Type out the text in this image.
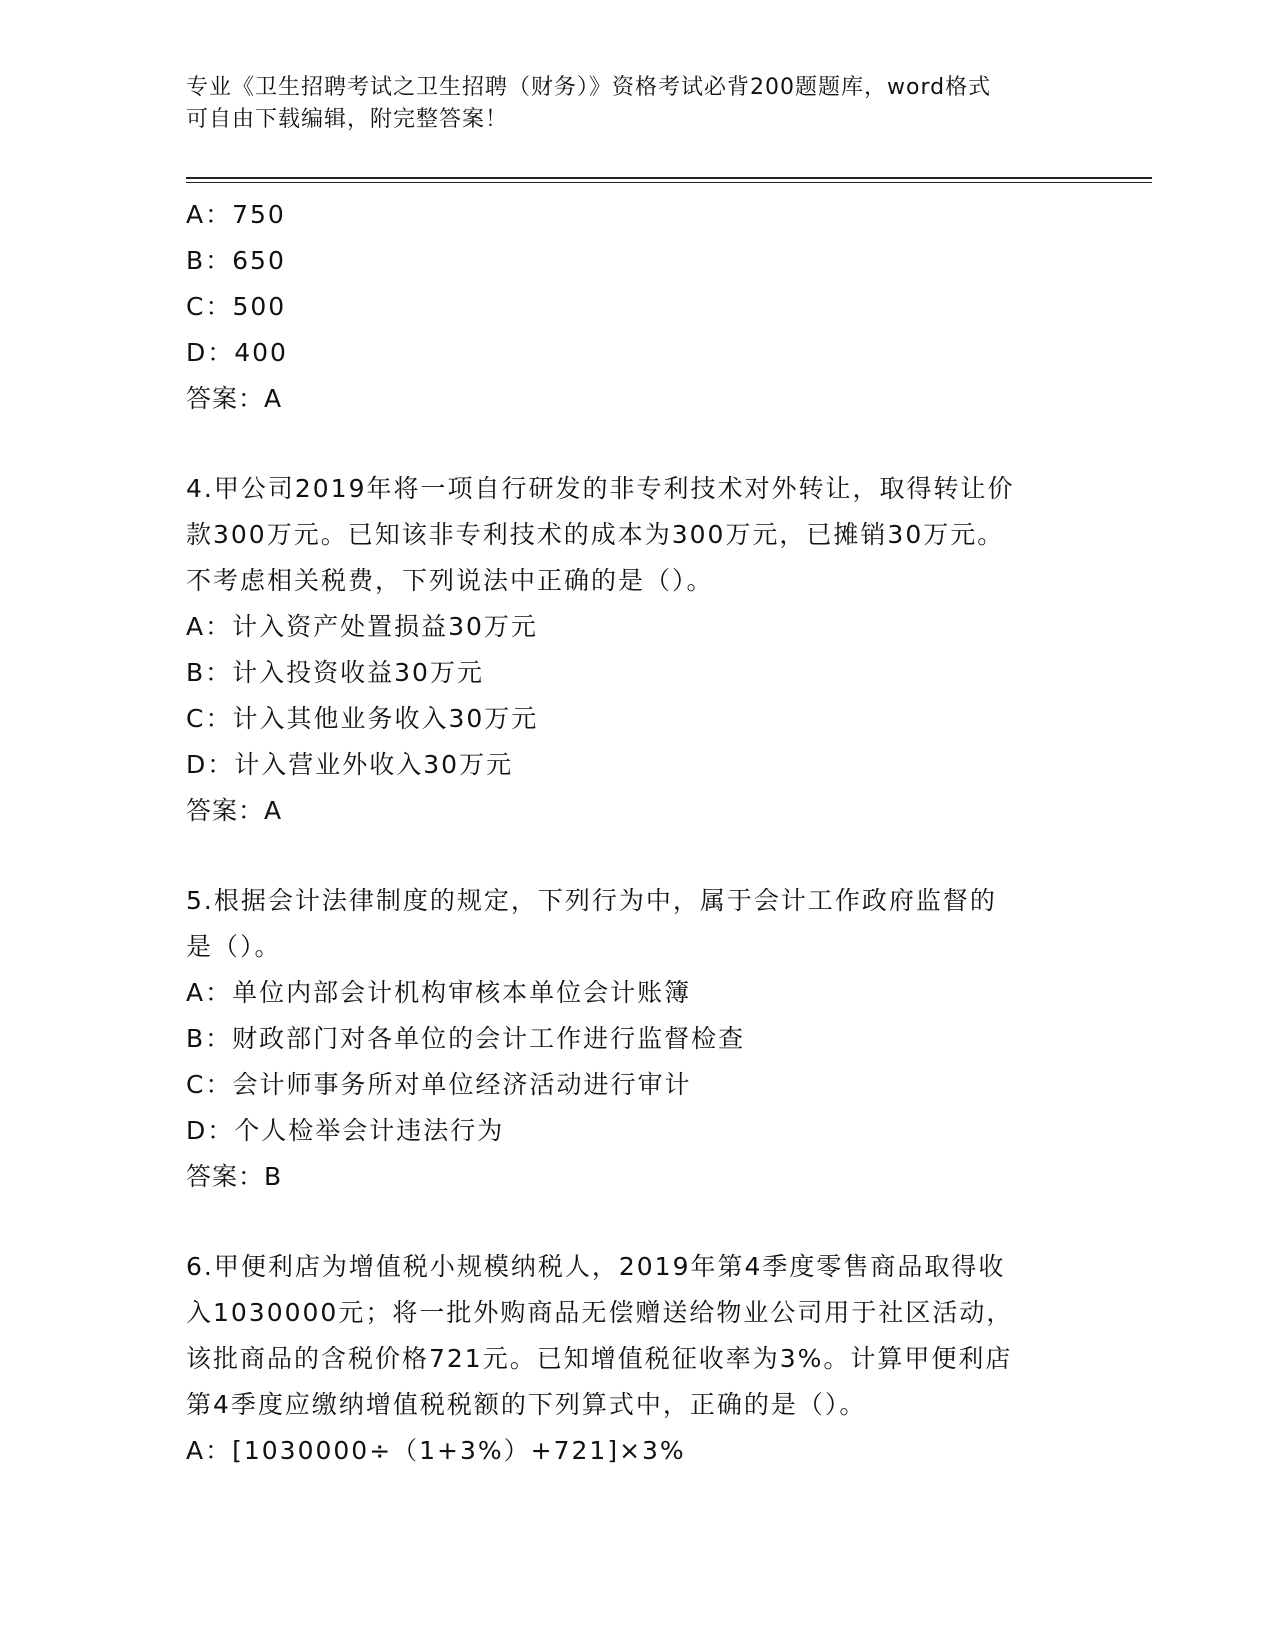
专业《卫生招聘考试之卫生招聘（财务）》资格考试必背200题题库，word格式
可自由下载编辑，附完整答案！
A：750
B：650
C：500
D：400
答案：A
4.甲公司2019年将一项自行研发的非专利技术对外转让，取得转让价
款300万元。已知该非专利技术的成本为300万元，已摊销30万元。
不考虑相关税费，下列说法中正确的是（）。
A：计入资产处置损益30万元
B：计入投资收益30万元
C：计入其他业务收入30万元
D：计入营业外收入30万元
答案：A
5.根据会计法律制度的规定，下列行为中，属于会计工作政府监督的
是（）。
A：单位内部会计机构审核本单位会计账簿
B：财政部门对各单位的会计工作进行监督检查
C：会计师事务所对单位经济活动进行审计
D：个人检举会计违法行为
答案：B
6.甲便利店为增值税小规模纳税人，2019年第4季度零售商品取得收
入1030000元；将一批外购商品无偿赠送给物业公司用于社区活动，
该批商品的含税价格721元。已知增值税征收率为3%。计算甲便利店
第4季度应缴纳增值税税额的下列算式中，正确的是（）。
A：[1030000÷（1+3%）+721]×3%
